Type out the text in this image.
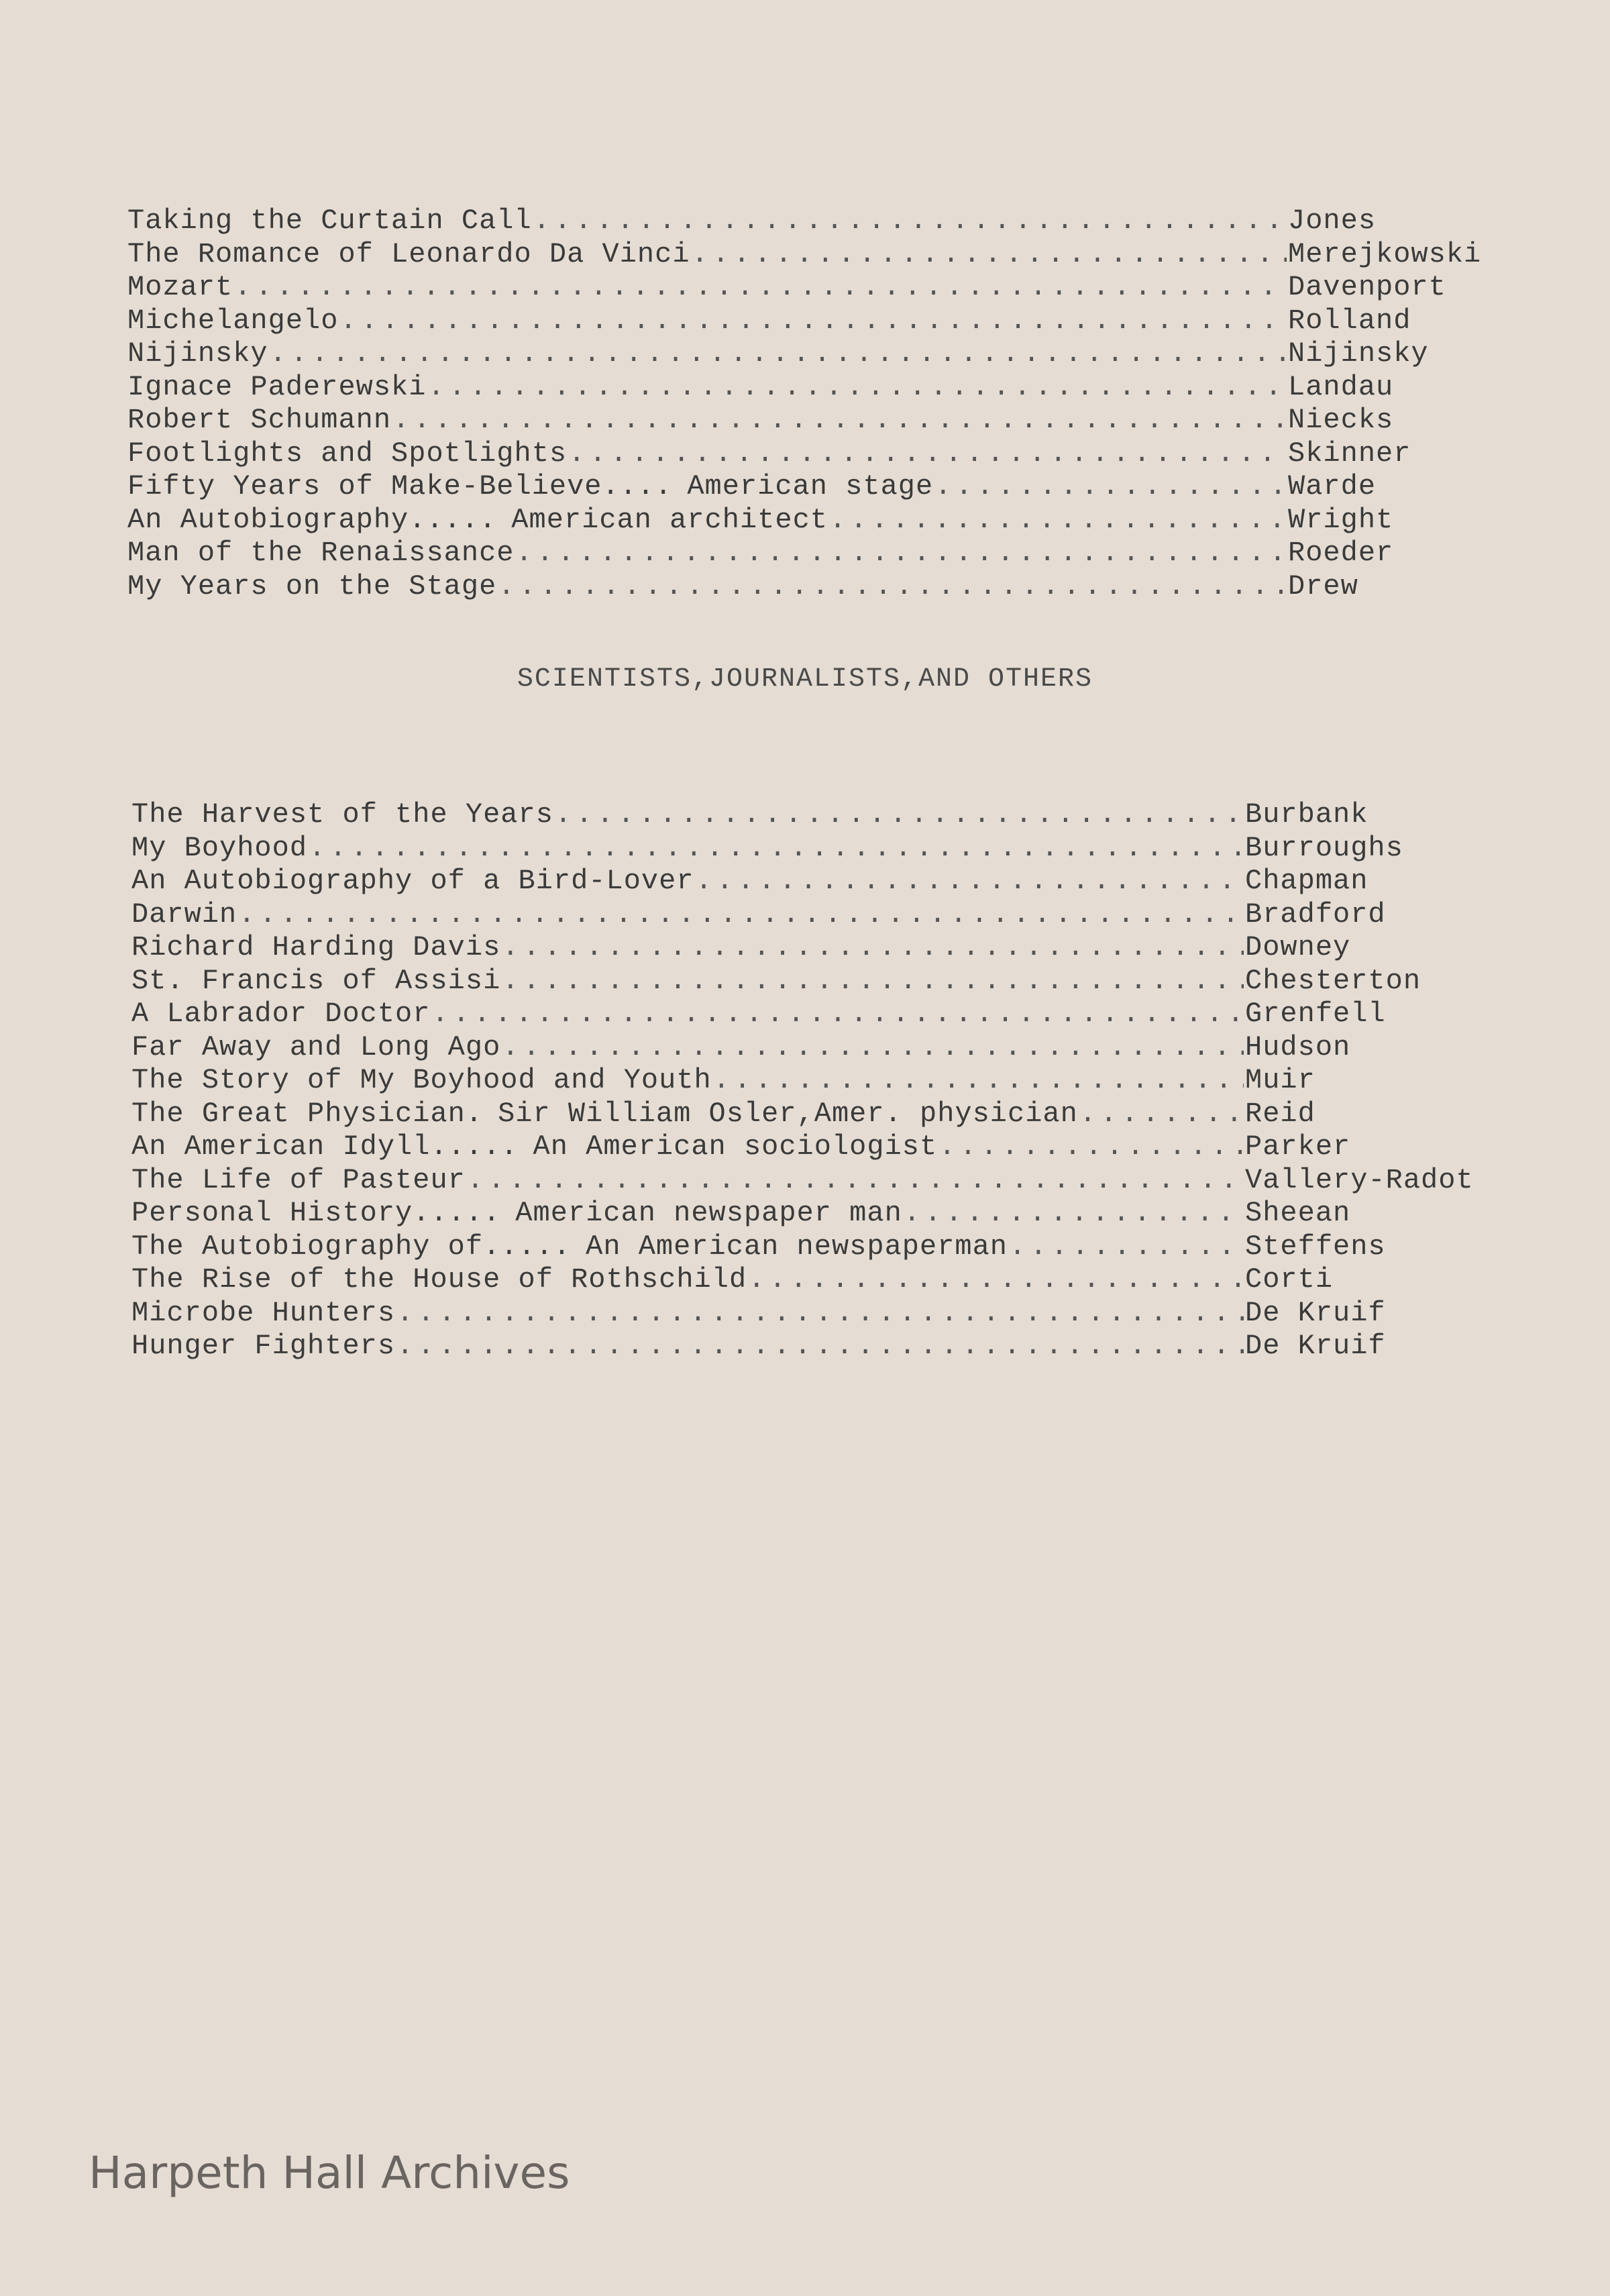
Taking the Curtain Call .....	Jones
The Romance of Leonardo Da Vinci .....	Merejkowski
Mozart .....	Davenport
Michelangelo .....	Rolland
Nijinsky .....	Nijinsky
Ignace Paderewski .....	Landau
Robert Schumann .....	Niecks
Footlights and Spotlights .....	Skinner
Fifty Years of Make-Believe.... American stage .....	Warde
An Autobiography..... American architect .....	Wright
Man of the Renaissance .....	Roeder
My Years on the Stage .....	Drew
SCIENTISTS,JOURNALISTS,AND OTHERS
The Harvest of the Years .....	Burbank
My Boyhood .....	Burroughs
An Autobiography of a Bird-Lover .....	Chapman
Darwin .....	Bradford
Richard Harding Davis .....	Downey
St. Francis of Assisi .....	Chesterton
A Labrador Doctor .....	Grenfell
Far Away and Long Ago .....	Hudson
The Story of My Boyhood and Youth .....	Muir
The Great Physician. Sir William Osler,Amer. physician .....	Reid
An American Idyll..... An American sociologist .....	Parker
The Life of Pasteur .....	Vallery-Radot
Personal History..... American newspaper man .....	Sheean
The Autobiography of..... An American newspaperman .....	Steffens
The Rise of the House of Rothschild .....	Corti
Microbe Hunters .....	De Kruif
Hunger Fighters .....	De Kruif
Harpeth Hall Archives
